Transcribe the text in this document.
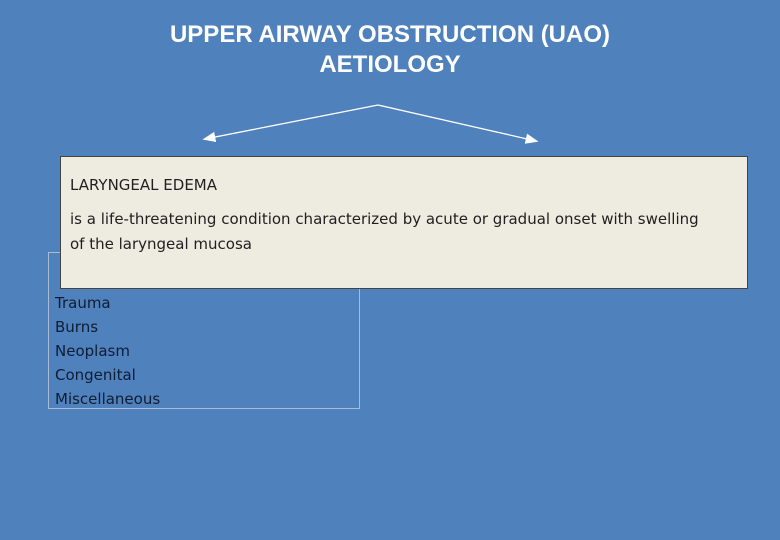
UPPER AIRWAY OBSTRUCTION (UAO)
AETIOLOGY
Trauma
Burns
Neoplasm
Congenital
Miscellaneous
LARYNGEAL EDEMA
is a life-threatening condition characterized by acute or gradual onset with swelling of the laryngeal mucosa
